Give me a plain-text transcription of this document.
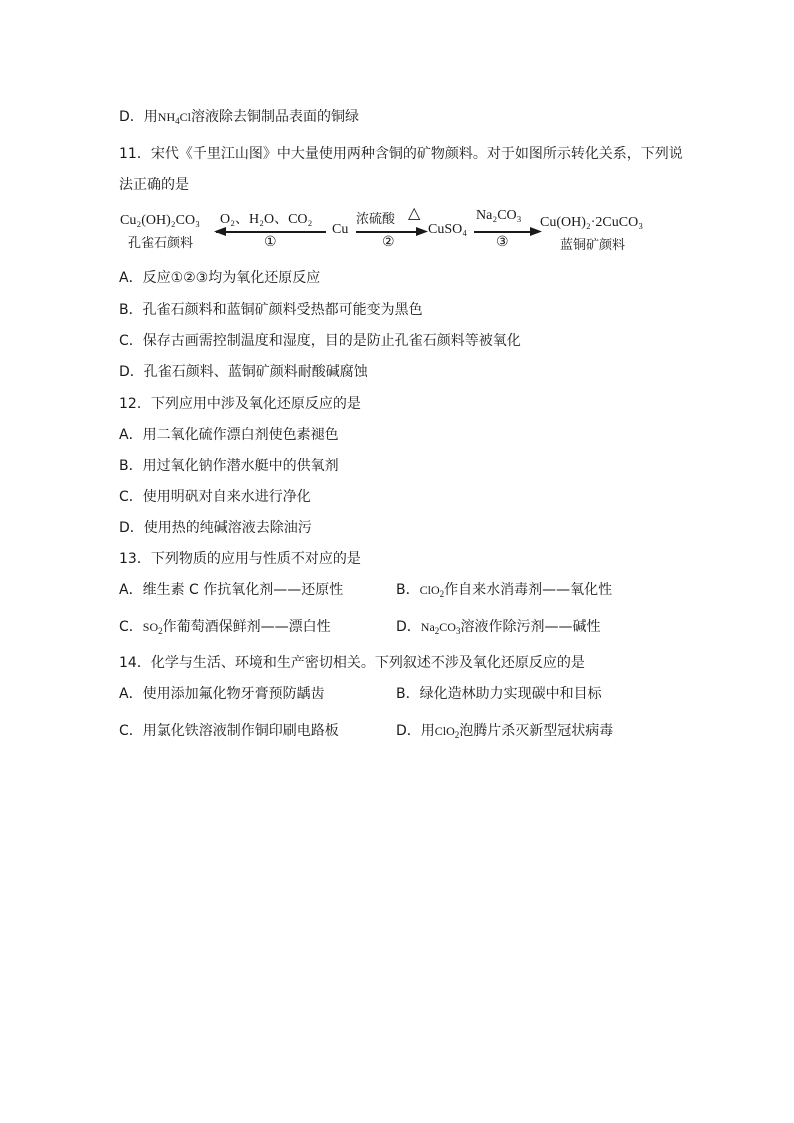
D．用$NH_4Cl$溶液除去铜制品表面的铜绿
11．宋代《千里江山图》中大量使用两种含铜的矿物颜料。对于如图所示转化关系，下列说
法正确的是
Cu₂(OH)₂CO₃
孔雀石颜料
O₂、H₂O、CO₂
①
Cu
浓硫酸 △
②
CuSO₄
Na₂CO₃
③
Cu(OH)₂·2CuCO₃
蓝铜矿颜料
A．反应①②③均为氧化还原反应
B．孔雀石颜料和蓝铜矿颜料受热都可能变为黑色
C．保存古画需控制温度和湿度，目的是防止孔雀石颜料等被氧化
D．孔雀石颜料、蓝铜矿颜料耐酸碱腐蚀
12．下列应用中涉及氧化还原反应的是
A．用二氧化硫作漂白剂使色素褪色
B．用过氧化钠作潜水艇中的供氧剂
C．使用明矾对自来水进行净化
D．使用热的纯碱溶液去除油污
13．下列物质的应用与性质不对应的是
A．维生素 C 作抗氧化剂——还原性	B．ClO$_2$作自来水消毒剂——氧化性
C．$SO_2$作葡萄酒保鲜剂——漂白性	D．$Na_2CO_3$溶液作除污剂——碱性
14．化学与生活、环境和生产密切相关。下列叙述不涉及氧化还原反应的是
A．使用添加氟化物牙膏预防龋齿	B．绿化造林助力实现碳中和目标
C．用氯化铁溶液制作铜印刷电路板	D．用ClO$_2$泡腾片杀灭新型冠状病毒
